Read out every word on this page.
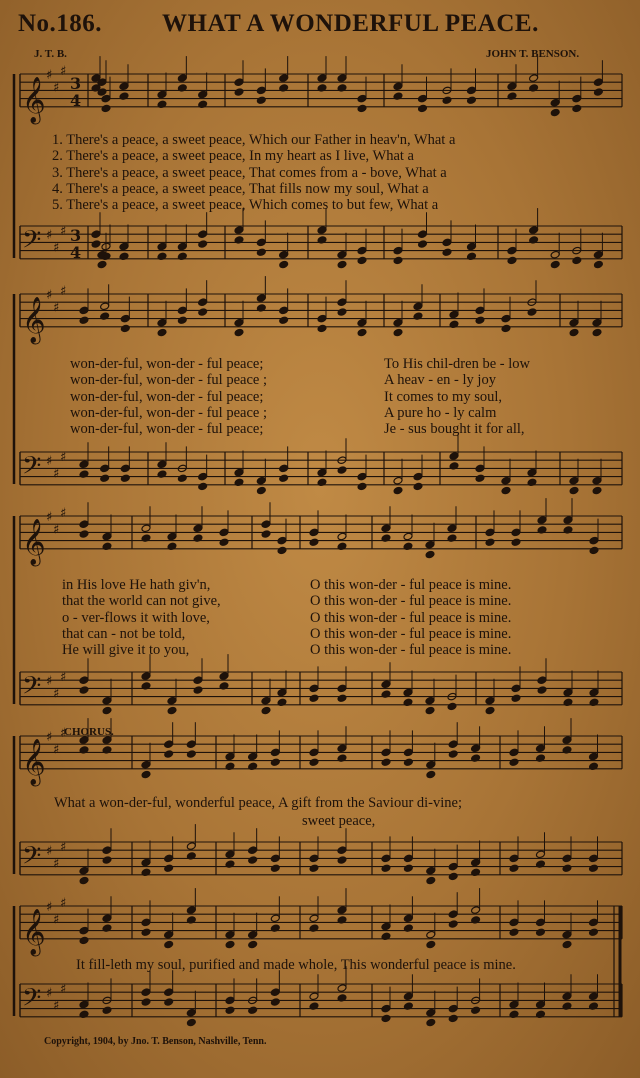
No.186. WHAT A WONDERFUL PEACE.
J. T. B.	JOHN T. BENSON.
𝄞
♯
♯
♯
𝄢 ♯
♯
♯
𝄞
♯
♯
♯
𝄢 ♯
♯
♯
𝄞
♯
♯
♯
𝄢 ♯
♯
♯
𝄞
♯
♯
♯
𝄢 ♯
♯
♯
𝄞
♯
♯
♯
𝄢 ♯
♯
♯
3
4
3
4
1. There's a peace, a sweet peace, Which our Father in heav'n, What a
2. There's a peace, a sweet peace, In my heart as I live, What a
3. There's a peace, a sweet peace, That comes from a - bove, What a
4. There's a peace, a sweet peace, That fills now my soul, What a
5. There's a peace, a sweet peace, Which comes to but few, What a
won-der-ful, won-der - ful peace;
won-der-ful, won-der - ful peace ;
won-der-ful, won-der - ful peace;
won-der-ful, won-der - ful peace ;
won-der-ful, won-der - ful peace;
To His chil-dren be - low
A heav - en - ly joy
It comes to my soul,
A pure ho - ly calm
Je - sus bought it for all,
in His love He hath giv'n,
that the world can not give,
o - ver-flows it with love,
that can - not be told,
He will give it to you,
O this won-der - ful peace is mine.
O this won-der - ful peace is mine.
O this won-der - ful peace is mine.
O this won-der - ful peace is mine.
O this won-der - ful peace is mine.
CHORUS.
What a won-der-ful, wonderful peace, A gift from the Saviour di-vine;
sweet peace,
It fill-leth my soul, purified and made whole, This wonderful peace is mine.
Copyright, 1904, by Jno. T. Benson, Nashville, Tenn.
